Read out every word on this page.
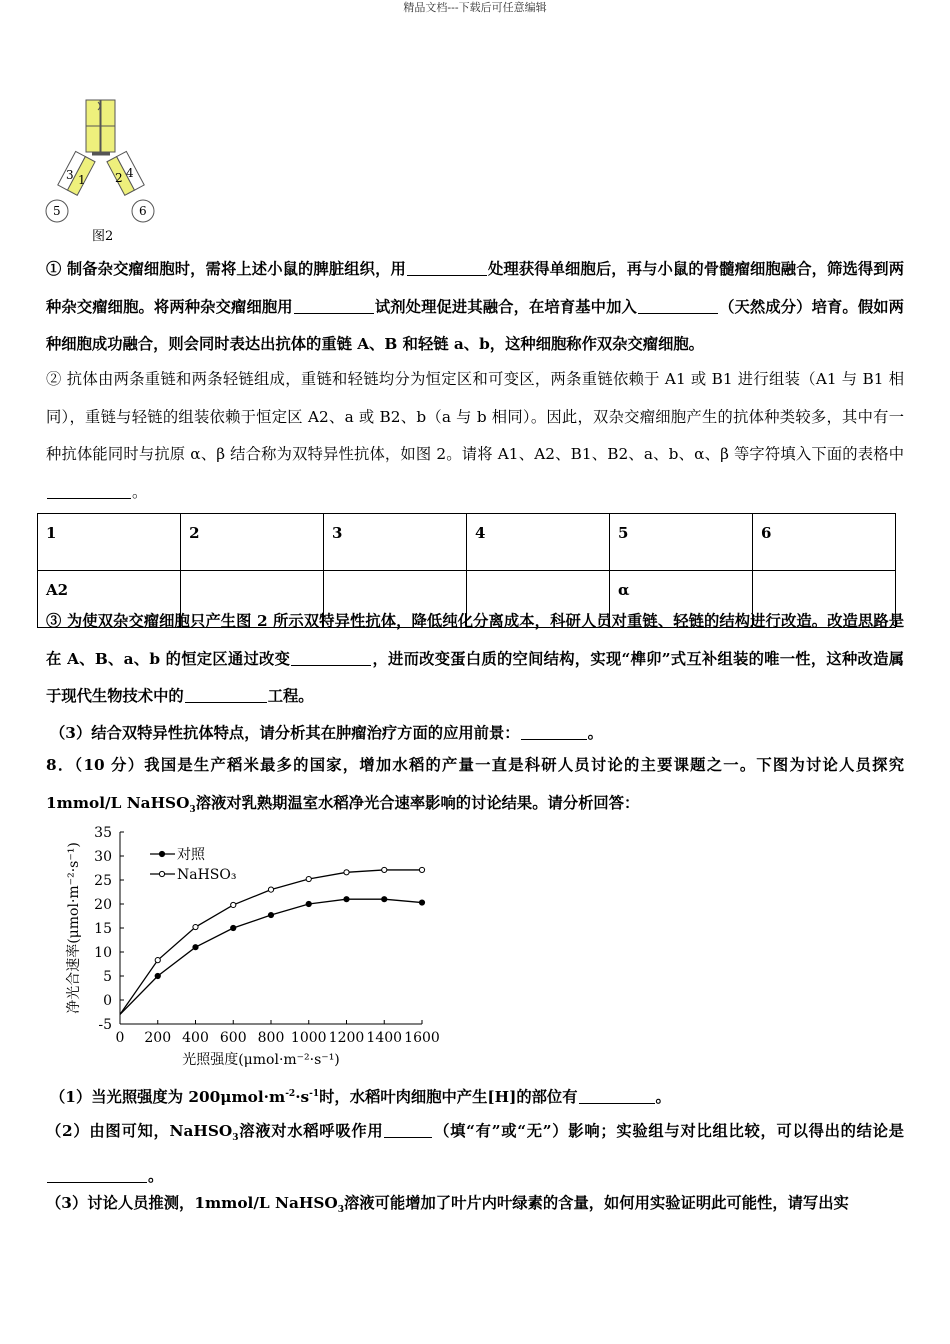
精品文档---下载后可任意编辑
3 1 2 4
5	6
图2
① 制备杂交瘤细胞时，需将上述小鼠的脾脏组织，用	处理获得单细胞后，再与小鼠的骨髓瘤细胞融合，筛选得到两种杂交瘤细胞。将两种杂交瘤细胞用	试剂处理促进其融合，在培育基中加入	（天然成分）培育。假如两种细胞成功融合，则会同时表达出抗体的重链 A、B 和轻链 a、b，这种细胞称作双杂交瘤细胞。
② 抗体由两条重链和两条轻链组成，重链和轻链均分为恒定区和可变区，两条重链依赖于 A1 或 B1 进行组装（A1 与 B1 相同），重链与轻链的组装依赖于恒定区 A2、a 或 B2、b（a 与 b 相同）。因此，双杂交瘤细胞产生的抗体种类较多，其中有一种抗体能同时与抗原 α、β 结合称为双特异性抗体，如图 2。请将 A1、A2、B1、B2、a、b、α、β 等字符填入下面的表格中。
1	2	3	4	5	6
A2				α	
③ 为使双杂交瘤细胞只产生图 2 所示双特异性抗体，降低纯化分离成本，科研人员对重链、轻链的结构进行改造。改造思路是在 A、B、a、b 的恒定区通过改变	，进而改变蛋白质的空间结构，实现“榫卯”式互补组装的唯一性，这种改造属于现代生物技术中的	工程。
（3）结合双特异性抗体特点，请分析其在肿瘤治疗方面的应用前景：	。
8．（10 分）我国是生产稻米最多的国家，增加水稻的产量一直是科研人员讨论的主要课题之一。下图为讨论人员探究 1mmol/L NaHSO$_3$溶液对乳熟期温室水稻净光合速率影响的讨论结果。请分析回答：
-5
0
5
10
15
20
25
30
35
0 200 400 600 800 1000 1200 1400 1600
光照强度(μmol·m⁻²·s⁻¹)
净光合速率(μmol·m⁻²·s⁻¹)	对照
NaHSO₃
（1）当光照强度为 $200\mu mol\cdot m^{-2}\cdot s^{-1}$时，水稻叶肉细胞中产生[H]的部位有	。
（2）由图可知，NaHSO$_3$溶液对水稻呼吸作用	（填“有”或“无”）影响；实验组与对比组比较，可以得出的结论是。
（3）讨论人员推测，1mmol/L NaHSO$_3$溶液可能增加了叶片内叶绿素的含量，如何用实验证明此可能性，请写出实
